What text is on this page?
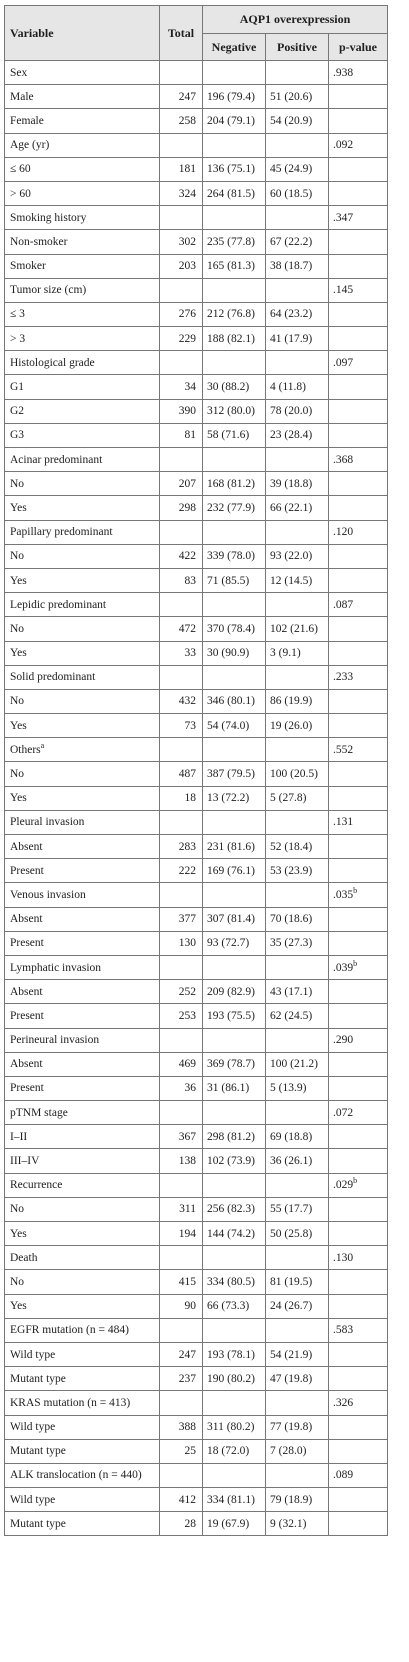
Variable	Total	AQP1 overexpression		
		Negative	Positive	p-value
Sex				.938
Male	247	196 (79.4)	51 (20.6)	
Female	258	204 (79.1)	54 (20.9)	
Age (yr)				.092
≤ 60	181	136 (75.1)	45 (24.9)	
> 60	324	264 (81.5)	60 (18.5)	
Smoking history				.347
Non-smoker	302	235 (77.8)	67 (22.2)	
Smoker	203	165 (81.3)	38 (18.7)	
Tumor size (cm)				.145
≤ 3	276	212 (76.8)	64 (23.2)	
> 3	229	188 (82.1)	41 (17.9)	
Histological grade				.097
G1	34	30 (88.2)	4 (11.8)	
G2	390	312 (80.0)	78 (20.0)	
G3	81	58 (71.6)	23 (28.4)	
Acinar predominant				.368
No	207	168 (81.2)	39 (18.8)	
Yes	298	232 (77.9)	66 (22.1)	
Papillary predominant				.120
No	422	339 (78.0)	93 (22.0)	
Yes	83	71 (85.5)	12 (14.5)	
Lepidic predominant				.087
No	472	370 (78.4)	102 (21.6)	
Yes	33	30 (90.9)	3 (9.1)	
Solid predominant				.233
No	432	346 (80.1)	86 (19.9)	
Yes	73	54 (74.0)	19 (26.0)	
Others$^a$				.552
No	487	387 (79.5)	100 (20.5)	
Yes	18	13 (72.2)	5 (27.8)	
Pleural invasion				.131
Absent	283	231 (81.6)	52 (18.4)	
Present	222	169 (76.1)	53 (23.9)	
Venous invasion				.035$^b$
Absent	377	307 (81.4)	70 (18.6)	
Present	130	93 (72.7)	35 (27.3)	
Lymphatic invasion				.039$^b$
Absent	252	209 (82.9)	43 (17.1)	
Present	253	193 (75.5)	62 (24.5)	
Perineural invasion				.290
Absent	469	369 (78.7)	100 (21.2)	
Present	36	31 (86.1)	5 (13.9)	
pTNM stage				.072
I–II	367	298 (81.2)	69 (18.8)	
III–IV	138	102 (73.9)	36 (26.1)	
Recurrence				.029$^b$
No	311	256 (82.3)	55 (17.7)	
Yes	194	144 (74.2)	50 (25.8)	
Death				.130
No	415	334 (80.5)	81 (19.5)	
Yes	90	66 (73.3)	24 (26.7)	
EGFR mutation (n = 484)				.583
Wild type	247	193 (78.1)	54 (21.9)	
Mutant type	237	190 (80.2)	47 (19.8)	
KRAS mutation (n = 413)				.326
Wild type	388	311 (80.2)	77 (19.8)	
Mutant type	25	18 (72.0)	7 (28.0)	
ALK translocation (n = 440)				.089
Wild type	412	334 (81.1)	79 (18.9)	
Mutant type	28	19 (67.9)	9 (32.1)	
